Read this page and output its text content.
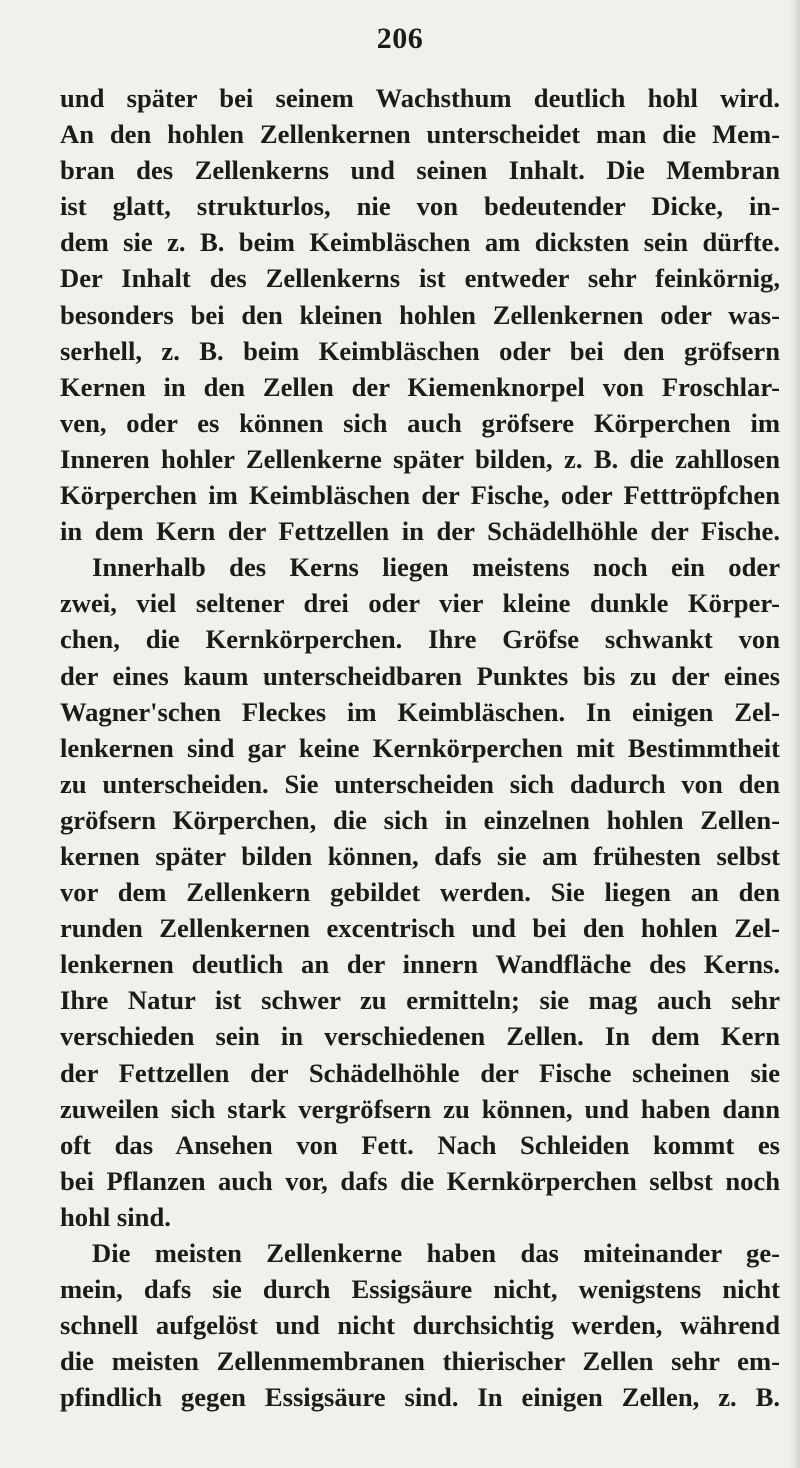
206
und später bei seinem Wachsthum deutlich hohl wird.
An den hohlen Zellenkernen unterscheidet man die Mem-
bran des Zellenkerns und seinen Inhalt. Die Membran
ist glatt, strukturlos, nie von bedeutender Dicke, in-
dem sie z. B. beim Keimbläschen am dicksten sein dürfte.
Der Inhalt des Zellenkerns ist entweder sehr feinkörnig,
besonders bei den kleinen hohlen Zellenkernen oder was-
serhell, z. B. beim Keimbläschen oder bei den gröfsern
Kernen in den Zellen der Kiemenknorpel von Froschlar-
ven, oder es können sich auch gröfsere Körperchen im
Inneren hohler Zellenkerne später bilden, z. B. die zahllosen
Körperchen im Keimbläschen der Fische, oder Fetttröpfchen
in dem Kern der Fettzellen in der Schädelhöhle der Fische.
Innerhalb des Kerns liegen meistens noch ein oder
zwei, viel seltener drei oder vier kleine dunkle Körper-
chen, die Kernkörperchen. Ihre Gröfse schwankt von
der eines kaum unterscheidbaren Punktes bis zu der eines
Wagner'schen Fleckes im Keimbläschen. In einigen Zel-
lenkernen sind gar keine Kernkörperchen mit Bestimmtheit
zu unterscheiden. Sie unterscheiden sich dadurch von den
gröfsern Körperchen, die sich in einzelnen hohlen Zellen-
kernen später bilden können, dafs sie am frühesten selbst
vor dem Zellenkern gebildet werden. Sie liegen an den
runden Zellenkernen excentrisch und bei den hohlen Zel-
lenkernen deutlich an der innern Wandfläche des Kerns.
Ihre Natur ist schwer zu ermitteln; sie mag auch sehr
verschieden sein in verschiedenen Zellen. In dem Kern
der Fettzellen der Schädelhöhle der Fische scheinen sie
zuweilen sich stark vergröfsern zu können, und haben dann
oft das Ansehen von Fett. Nach Schleiden kommt es
bei Pflanzen auch vor, dafs die Kernkörperchen selbst noch
hohl sind.
Die meisten Zellenkerne haben das miteinander ge-
mein, dafs sie durch Essigsäure nicht, wenigstens nicht
schnell aufgelöst und nicht durchsichtig werden, während
die meisten Zellenmembranen thierischer Zellen sehr em-
pfindlich gegen Essigsäure sind. In einigen Zellen, z. B.
